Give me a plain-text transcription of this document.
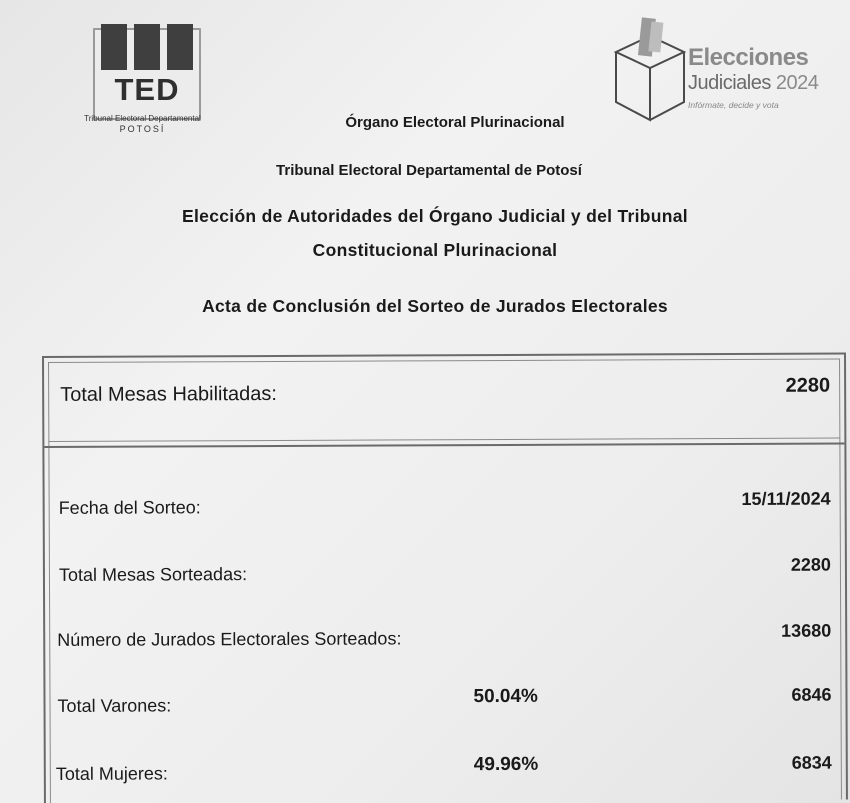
TED
Tribunal Electoral Departamental
POTOSÍ
Elecciones
Judiciales 2024
Infórmate, decide y vota
Órgano Electoral Plurinacional
Tribunal Electoral Departamental de Potosí
Elección de Autoridades del Órgano Judicial y del Tribunal
Constitucional Plurinacional
Acta de Conclusión del Sorteo de Jurados Electorales
Total Mesas Habilitadas:	2280
Fecha del Sorteo:	15/11/2024
Total Mesas Sorteadas:	2280
Número de Jurados Electorales Sorteados:	13680
Total Varones:	50.04%	6846
Total Mujeres:	49.96%	6834
